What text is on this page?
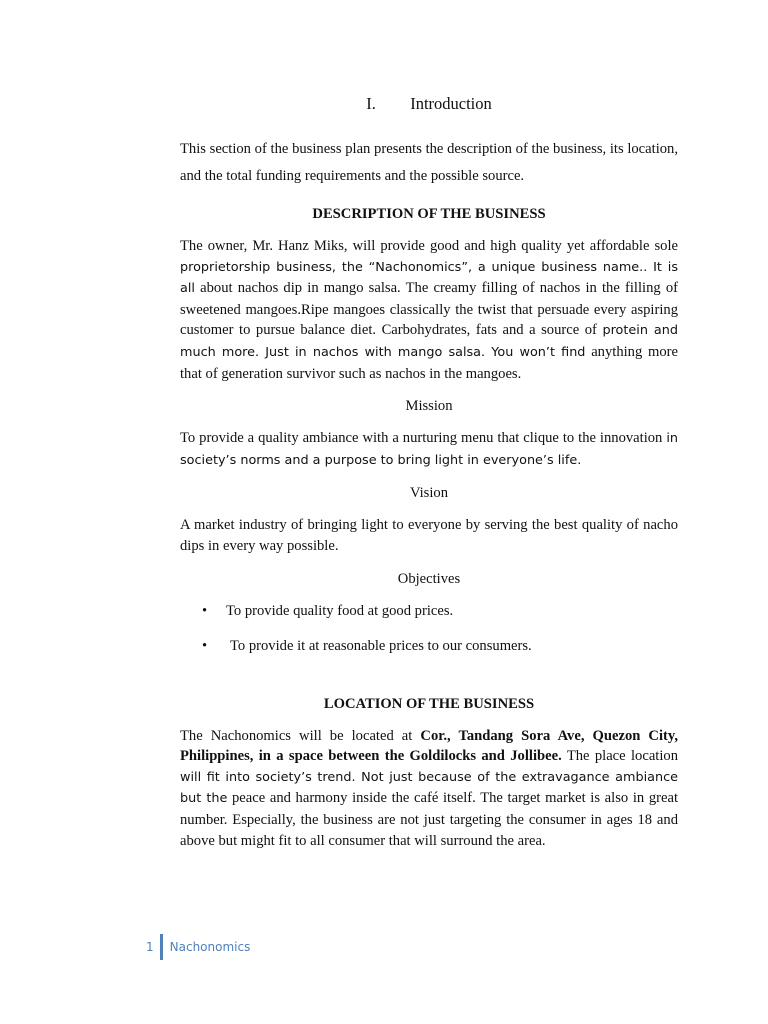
I. Introduction

This section of the business plan presents the description of the business, its location, and the total funding requirements and the possible source.

DESCRIPTION OF THE BUSINESS

The owner, Mr. Hanz Miks, will provide good and high quality yet affordable sole proprietorship business, the “Nachonomics”, a unique business name.. It is all about nachos dip in mango salsa. The creamy filling of nachos in the filling of sweetened mangoes.Ripe mangoes classically the twist that persuade every aspiring customer to pursue balance diet. Carbohydrates, fats and a source of protein and much more. Just in nachos with mango salsa. You won’t find anything more that of generation survivor such as nachos in the mangoes.

Mission

To provide a quality ambiance with a nurturing menu that clique to the innovation in society’s norms and a purpose to bring light in everyone’s life.

Vision

A market industry of bringing light to everyone by serving the best quality of nacho dips in every way possible.

Objectives
• To provide quality food at good prices.
• To provide it at reasonable prices to our consumers.
LOCATION OF THE BUSINESS

The Nachonomics will be located at Cor., Tandang Sora Ave, Quezon City, Philippines, in a space between the Goldilocks and Jollibee. The place location will fit into society’s trend. Not just because of the extravagance ambiance but the peace and harmony inside the café itself. The target market is also in great number. Especially, the business are not just targeting the consumer in ages 18 and above but might fit to all consumer that will surround the area.

1 Nachonomics
